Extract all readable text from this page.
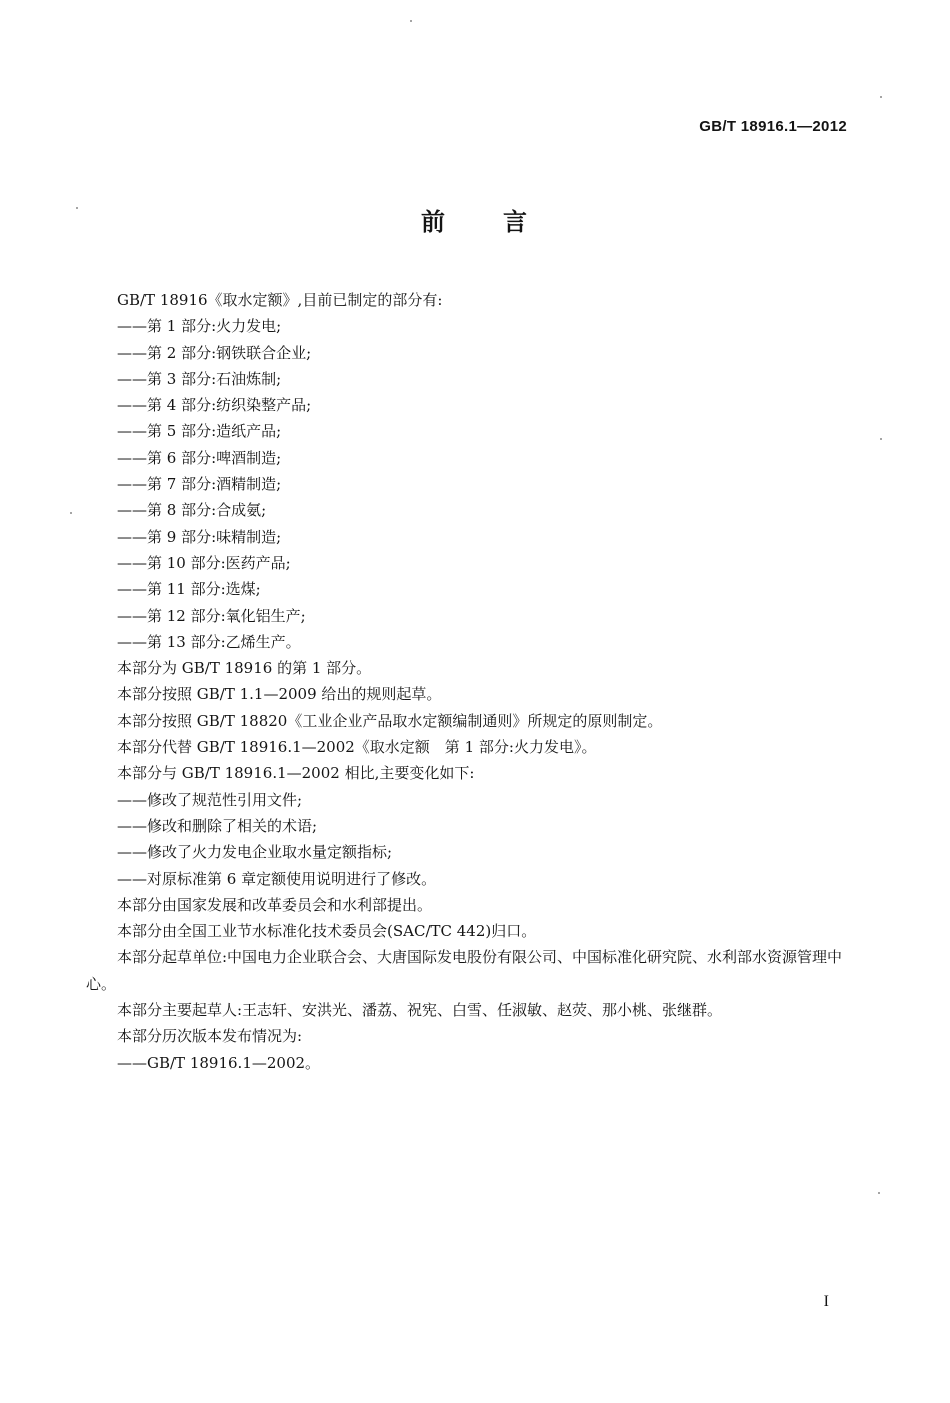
GB/T 18916.1—2012
前 言

GB/T 18916《取水定额》,目前已制定的部分有:

——第 1 部分:火力发电;

——第 2 部分:钢铁联合企业;

——第 3 部分:石油炼制;

——第 4 部分:纺织染整产品;

——第 5 部分:造纸产品;

——第 6 部分:啤酒制造;

——第 7 部分:酒精制造;

——第 8 部分:合成氨;

——第 9 部分:味精制造;

——第 10 部分:医药产品;

——第 11 部分:选煤;

——第 12 部分:氧化铝生产;

——第 13 部分:乙烯生产。

本部分为 GB/T 18916 的第 1 部分。

本部分按照 GB/T 1.1—2009 给出的规则起草。

本部分按照 GB/T 18820《工业企业产品取水定额编制通则》所规定的原则制定。

本部分代替 GB/T 18916.1—2002《取水定额　第 1 部分:火力发电》。

本部分与 GB/T 18916.1—2002 相比,主要变化如下:

——修改了规范性引用文件;

——修改和删除了相关的术语;

——修改了火力发电企业取水量定额指标;

——对原标准第 6 章定额使用说明进行了修改。

本部分由国家发展和改革委员会和水利部提出。

本部分由全国工业节水标准化技术委员会(SAC/TC 442)归口。

本部分起草单位:中国电力企业联合会、大唐国际发电股份有限公司、中国标准化研究院、水利部水资源管理中心。

本部分主要起草人:王志轩、安洪光、潘荔、祝宪、白雪、任淑敏、赵荧、那小桃、张继群。

本部分历次版本发布情况为:

——GB/T 18916.1—2002。

I
